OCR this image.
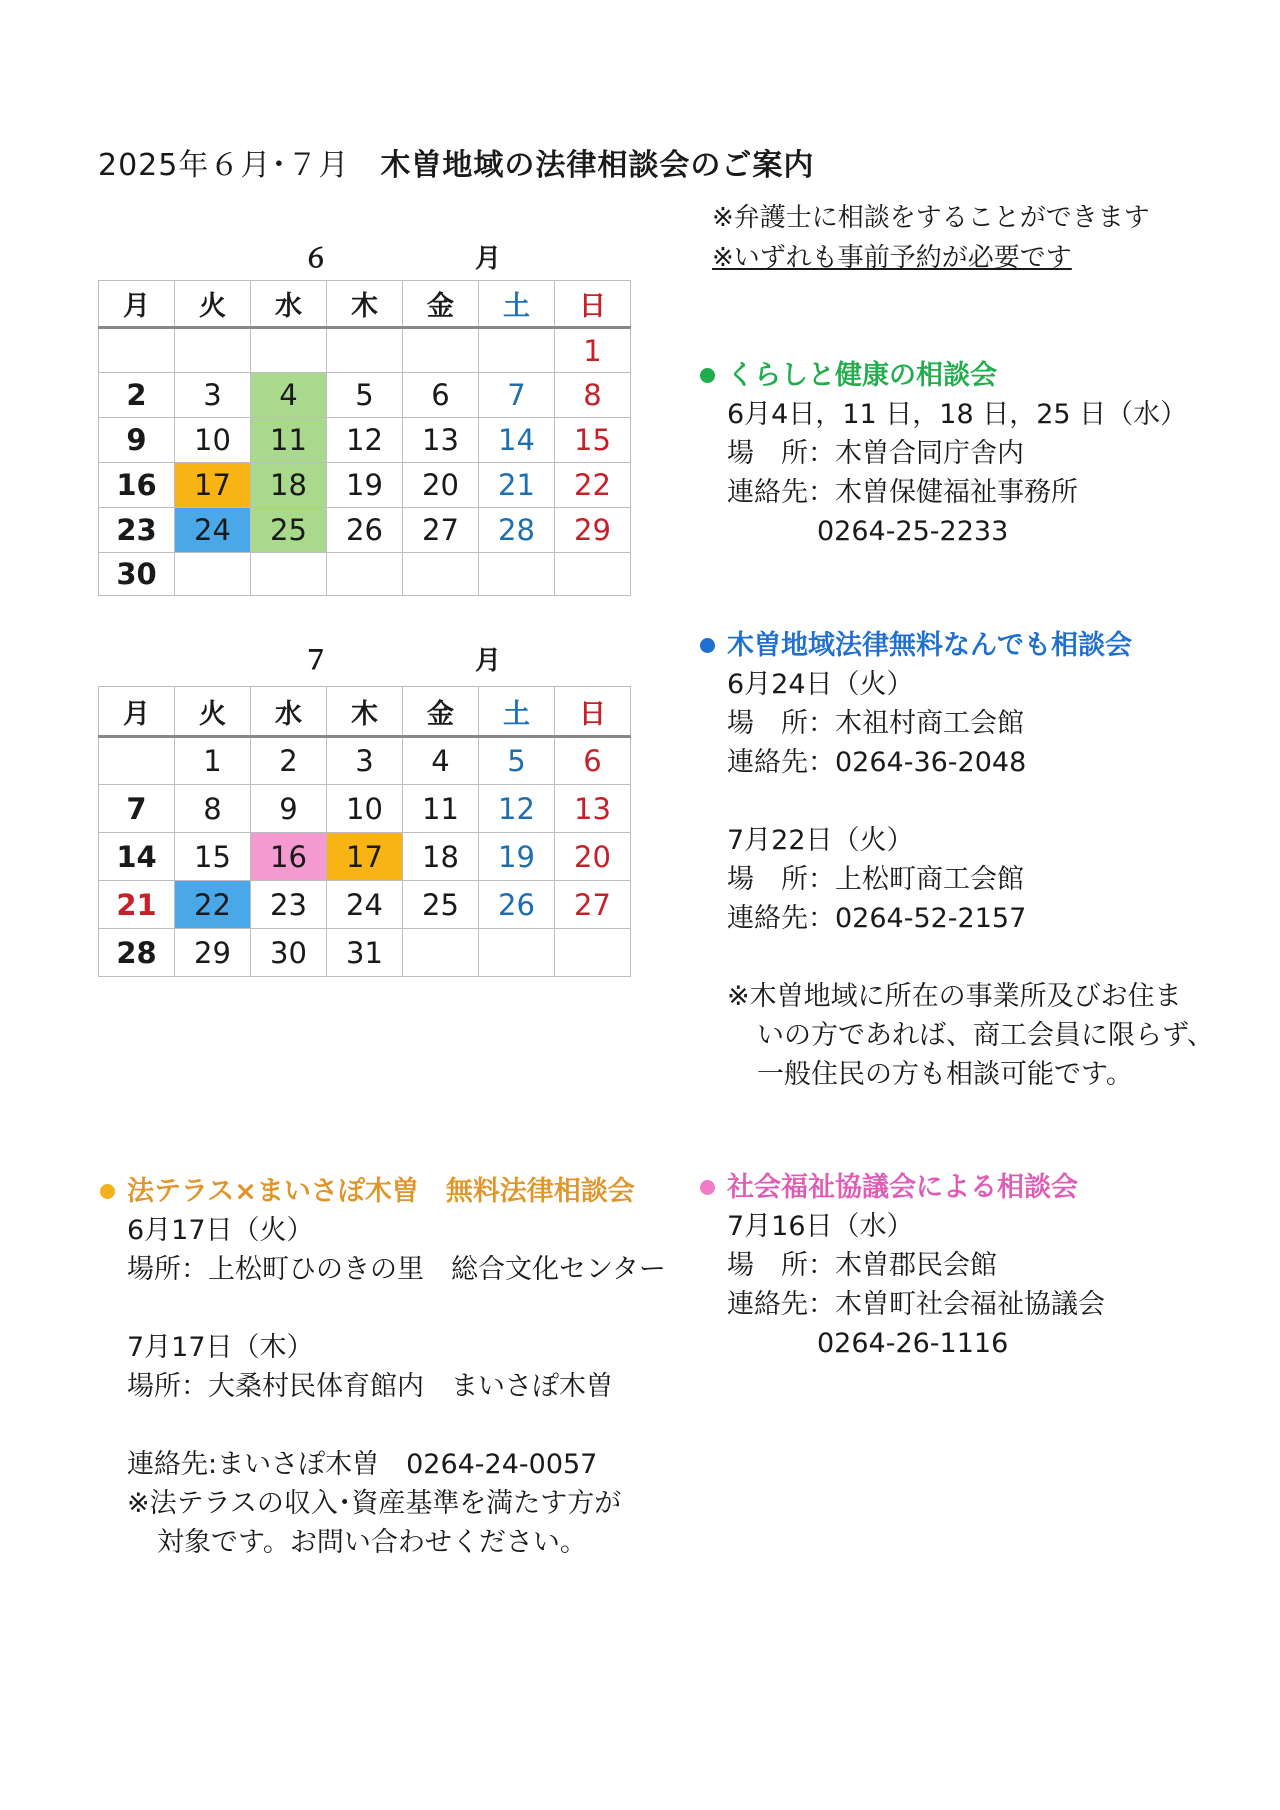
2025年６月･７月　 木曽地域の法律相談会のご案内
※弁護士に相談をすることができます
※いずれも事前予約が必要です
６　月
月	火	水	木	金	土	日
						1
2	3	4	5	6	7	8
9	10	11	12	13	14	15
16	17	18	19	20	21	22
23	24	25	26	27	28	29
30						
７　月
月	火	水	木	金	土	日
	1	2	3	4	5	6
7	8	9	10	11	12	13
14	15	16	17	18	19	20
21	22	23	24	25	26	27
28	29	30	31			
くらしと健康の相談会
6月4日，11 日，18 日，25 日（水）
場　所：木曽合同庁舎内
連絡先：木曽保健福祉事務所
0264-25-2233
木曽地域法律無料なんでも相談会
6月24日（火）
場　所：木祖村商工会館
連絡先：0264-36-2048
7月22日（火）
場　所：上松町商工会館
連絡先：0264-52-2157
※木曽地域に所在の事業所及びお住ま
いの方であれば、商工会員に限らず、
一般住民の方も相談可能です。
法テラス×まいさぽ木曽　無料法律相談会
6月17日（火）
場所：上松町ひのきの里　総合文化センター
7月17日（木）
場所：大桑村民体育館内　まいさぽ木曽
連絡先:まいさぽ木曽　0264-24-0057
※法テラスの収入･資産基準を満たす方が
対象です。お問い合わせください。
社会福祉協議会による相談会
7月16日（水）
場　所：木曽郡民会館
連絡先：木曽町社会福祉協議会
0264-26-1116
